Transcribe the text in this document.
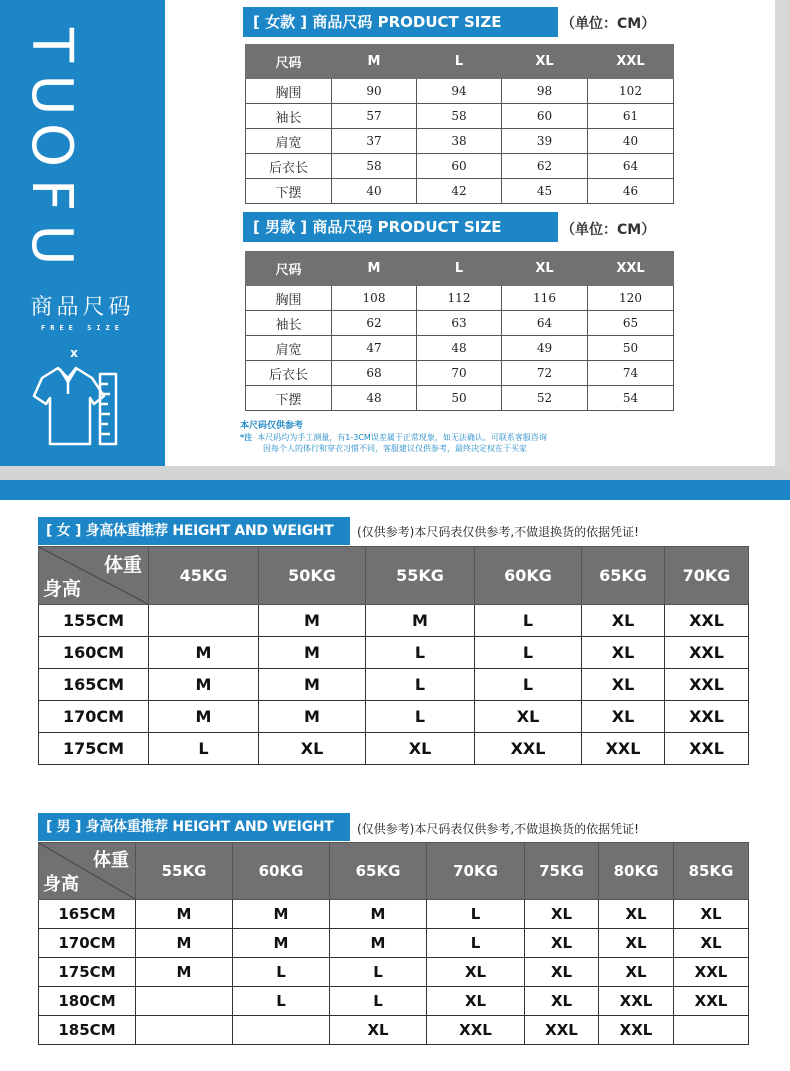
T
U
O
F
U
商品尺码
FREE SIZE
x
[ 女款 ] 商品尺码 PRODUCT SIZE	（单位：CM）
尺码	M	L	XL	XXL
胸围	90	94	98	102
袖长	57	58	60	61
肩宽	37	38	39	40
后衣长	58	60	62	64
下摆	40	42	45	46
[ 男款 ] 商品尺码 PRODUCT SIZE	（单位：CM）
尺码	M	L	XL	XXL
胸围	108	112	116	120
袖长	62	63	64	65
肩宽	47	48	49	50
后衣长	68	70	72	74
下摆	48	50	52	54
本尺码仅供参考
*注 本尺码均为手工测量，有1-3CM误差属于正常现象，如无法确认，可联系客服咨询
因每个人的体行和穿衣习惯不同，客服建议仅供参考，最终决定权在于买家
[ 女 ] 身高体重推荐 HEIGHT AND WEIGHT	(仅供参考)本尺码表仅供参考,不做退换货的依据凭证!
体重
身高	45KG	50KG	55KG	60KG	65KG	70KG
155CM		M	M	L	XL	XXL
160CM	M	M	L	L	XL	XXL
165CM	M	M	L	L	XL	XXL
170CM	M	M	L	XL	XL	XXL
175CM	L	XL	XL	XXL	XXL	XXL
[ 男 ] 身高体重推荐 HEIGHT AND WEIGHT	(仅供参考)本尺码表仅供参考,不做退换货的依据凭证!
体重
身高	55KG	60KG	65KG	70KG	75KG	80KG	85KG
165CM	M	M	M	L	XL	XL	XL
170CM	M	M	M	L	XL	XL	XL
175CM	M	L	L	XL	XL	XL	XXL
180CM		L	L	XL	XL	XXL	XXL
185CM			XL	XXL	XXL	XXL	
